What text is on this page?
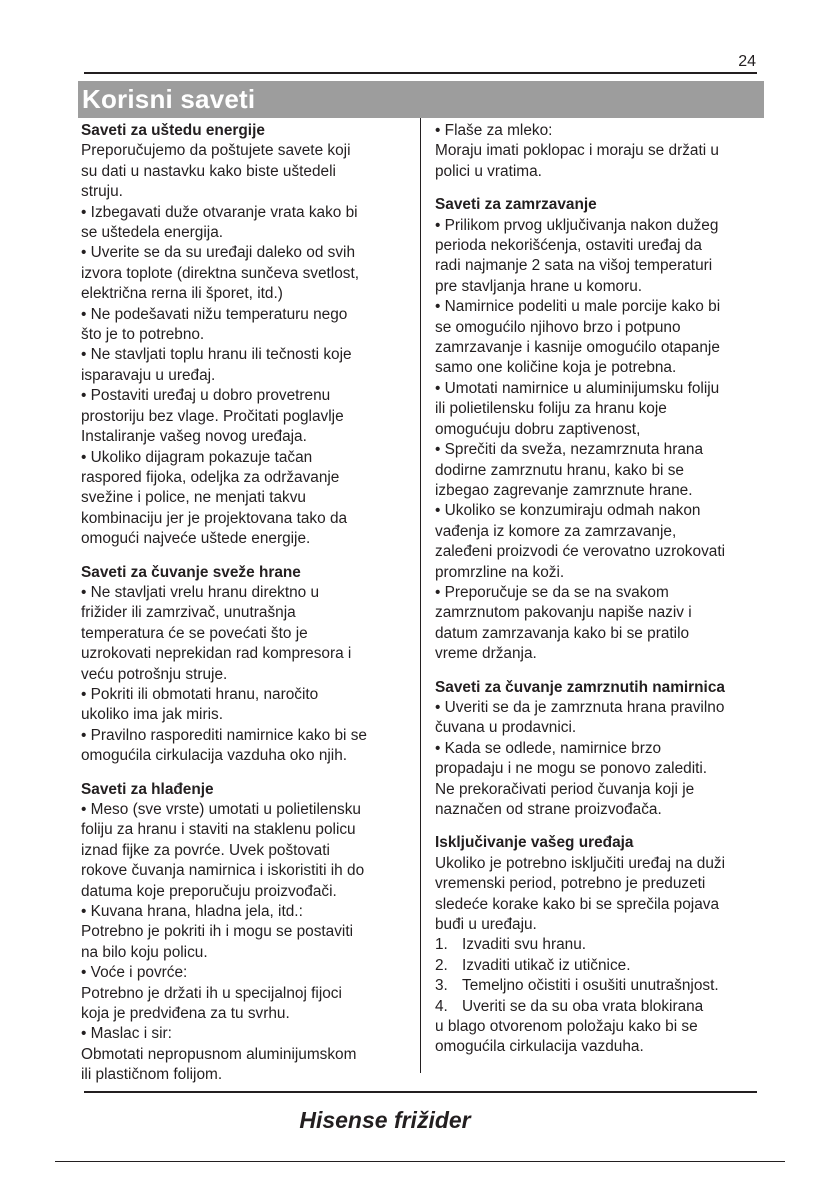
24
Korisni saveti
Saveti za uštedu energije
Preporučujemo da poštujete savete koji
su dati u nastavku kako biste uštedeli
struju.
• Izbegavati duže otvaranje vrata kako bi
se uštedela energija.
• Uverite se da su uređaji daleko od svih
izvora toplote (direktna sunčeva svetlost,
električna rerna ili šporet, itd.)
• Ne podešavati nižu temperaturu nego
što je to potrebno.
• Ne stavljati toplu hranu ili tečnosti koje
isparavaju u uređaj.
• Postaviti uređaj u dobro provetrenu
prostoriju bez vlage. Pročitati poglavlje
Instaliranje vašeg novog uređaja.
• Ukoliko dijagram pokazuje tačan
raspored fijoka, odeljka za održavanje
svežine i police, ne menjati takvu
kombinaciju jer je projektovana tako da
omogući najveće uštede energije.
Saveti za čuvanje sveže hrane
• Ne stavljati vrelu hranu direktno u
frižider ili zamrzivač, unutrašnja
temperatura će se povećati što je
uzrokovati neprekidan rad kompresora i
veću potrošnju struje.
• Pokriti ili obmotati hranu, naročito
ukoliko ima jak miris.
• Pravilno rasporediti namirnice kako bi se
omogućila cirkulacija vazduha oko njih.
Saveti za hlađenje
• Meso (sve vrste) umotati u polietilensku
foliju za hranu i staviti na staklenu policu
iznad fijke za povrće. Uvek poštovati
rokove čuvanja namirnica i iskoristiti ih do
datuma koje preporučuju proizvođači.
• Kuvana hrana, hladna jela, itd.:
Potrebno je pokriti ih i mogu se postaviti
na bilo koju policu.
• Voće i povrće:
Potrebno je držati ih u specijalnoj fijoci
koja je predviđena za tu svrhu.
• Maslac i sir:
Obmotati nepropusnom aluminijumskom
ili plastičnom folijom.
• Flaše za mleko:
Moraju imati poklopac i moraju se držati u
polici u vratima.
Saveti za zamrzavanje
• Prilikom prvog uključivanja nakon dužeg
perioda nekorišćenja, ostaviti uređaj da
radi najmanje 2 sata na višoj temperaturi
pre stavljanja hrane u komoru.
• Namirnice podeliti u male porcije kako bi
se omogućilo njihovo brzo i potpuno
zamrzavanje i kasnije omogućilo otapanje
samo one količine koja je potrebna.
• Umotati namirnice u aluminijumsku foliju
ili polietilensku foliju za hranu koje
omogućuju dobru zaptivenost,
• Sprečiti da sveža, nezamrznuta hrana
dodirne zamrznutu hranu, kako bi se
izbegao zagrevanje zamrznute hrane.
• Ukoliko se konzumiraju odmah nakon
vađenja iz komore za zamrzavanje,
zaleđeni proizvodi će verovatno uzrokovati
promrzline na koži.
• Preporučuje se da se na svakom
zamrznutom pakovanju napiše naziv i
datum zamrzavanja kako bi se pratilo
vreme držanja.
Saveti za čuvanje zamrznutih namirnica
• Uveriti se da je zamrznuta hrana pravilno
čuvana u prodavnici.
• Kada se odlede, namirnice brzo
propadaju i ne mogu se ponovo zalediti.
Ne prekoračivati period čuvanja koji je
naznačen od strane proizvođača.
Isključivanje vašeg uređaja
Ukoliko je potrebno isključiti uređaj na duži
vremenski period, potrebno je preduzeti
sledeće korake kako bi se sprečila pojava
buđi u uređaju.
1. Izvaditi svu hranu.
2. Izvaditi utikač iz utičnice.
3. Temeljno očistiti i osušiti unutrašnjost.
4. Uveriti se da su oba vrata blokirana
u blago otvorenom položaju kako bi se
omogućila cirkulacija vazduha.
Hisense frižider
